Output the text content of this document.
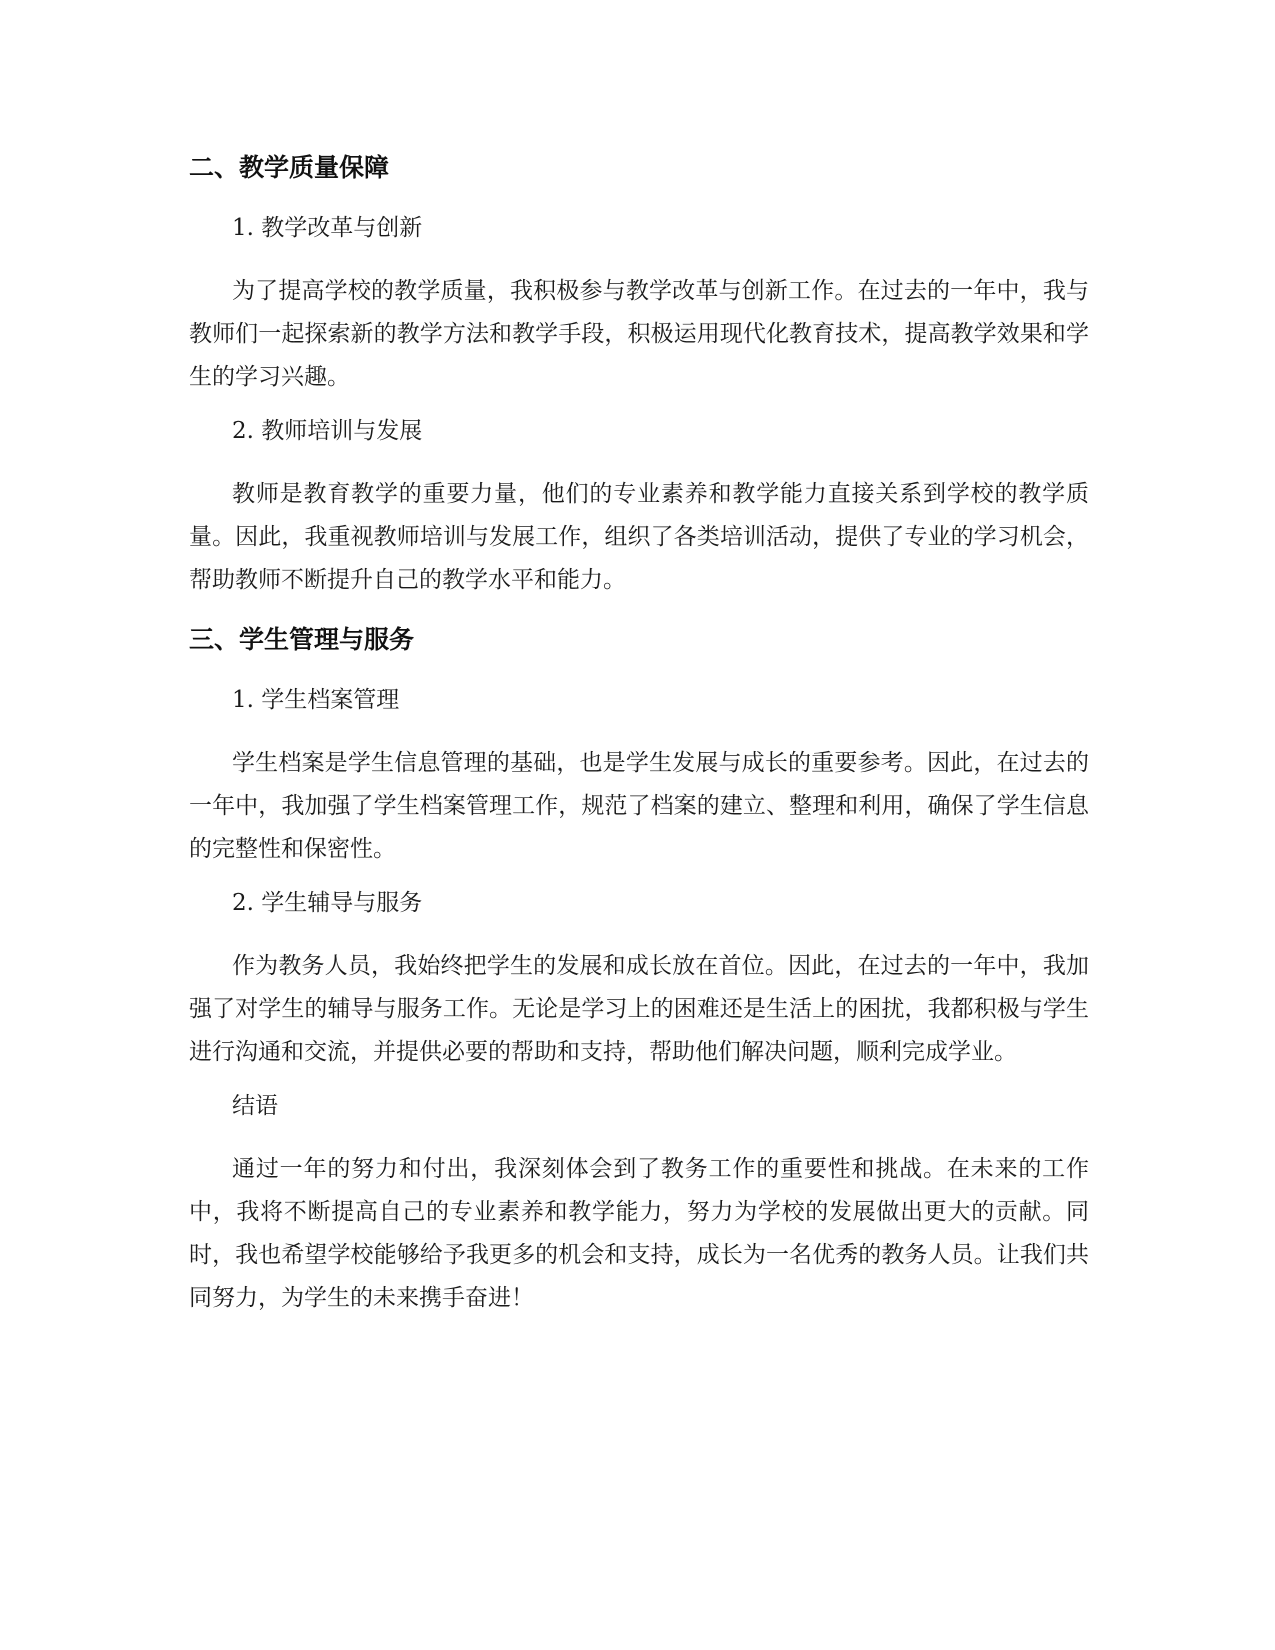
二、教学质量保障

1. 教学改革与创新

为了提高学校的教学质量，我积极参与教学改革与创新工作。在过去的一年中，我与教师们一起探索新的教学方法和教学手段，积极运用现代化教育技术，提高教学效果和学生的学习兴趣。

2. 教师培训与发展

教师是教育教学的重要力量，他们的专业素养和教学能力直接关系到学校的教学质量。因此，我重视教师培训与发展工作，组织了各类培训活动，提供了专业的学习机会，帮助教师不断提升自己的教学水平和能力。

三、学生管理与服务

1. 学生档案管理

学生档案是学生信息管理的基础，也是学生发展与成长的重要参考。因此，在过去的一年中，我加强了学生档案管理工作，规范了档案的建立、整理和利用，确保了学生信息的完整性和保密性。

2. 学生辅导与服务

作为教务人员，我始终把学生的发展和成长放在首位。因此，在过去的一年中，我加强了对学生的辅导与服务工作。无论是学习上的困难还是生活上的困扰，我都积极与学生进行沟通和交流，并提供必要的帮助和支持，帮助他们解决问题，顺利完成学业。

结语

通过一年的努力和付出，我深刻体会到了教务工作的重要性和挑战。在未来的工作中，我将不断提高自己的专业素养和教学能力，努力为学校的发展做出更大的贡献。同时，我也希望学校能够给予我更多的机会和支持，成长为一名优秀的教务人员。让我们共同努力，为学生的未来携手奋进！
